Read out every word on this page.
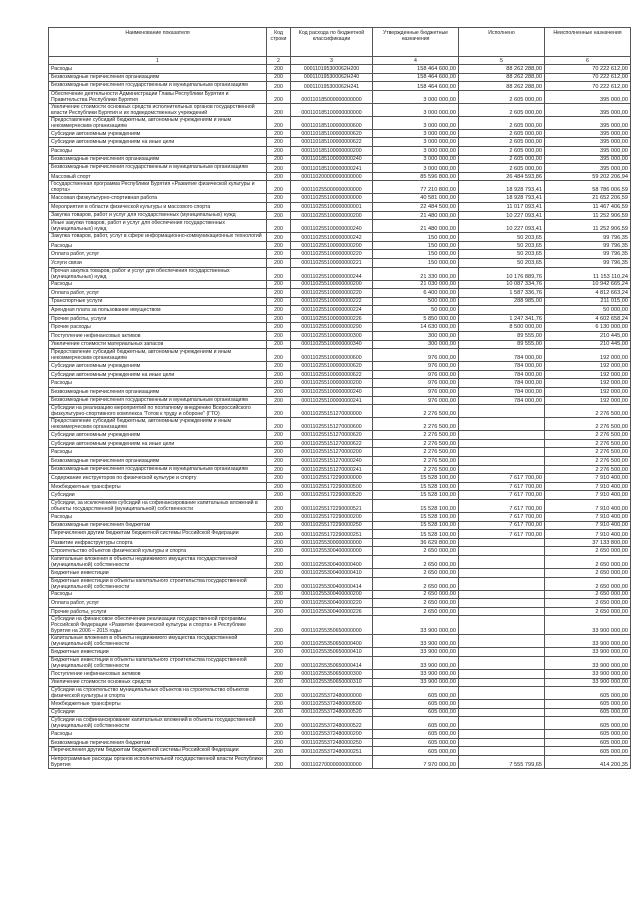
Наименование показателя	Код строки	Код расхода по бюджетной классификации	Утвержденные бюджетные назначения	Исполнено	Неисполненные назначения
1	2	3	4	5	6
Расходы	200	000110195300062H200	158 464 600,00	88 262 288,00	70 222 612,00
Безвозмездные перечисления организациям	200	000110195300062H240	158 464 600,00	88 262 288,00	70 222 612,00
Безвозмездные перечисления государственным и муниципальным организациям	200	000110195300062H241	158 464 600,00	88 262 288,00	70 222 612,00
Обеспечение деятельности Администрации Главы Республики Бурятия и Правительства Республики Бурятия	200	000110185000000000000	3 000 000,00	2 605 000,00	395 000,00
Увеличение стоимости основных средств исполнительных органов государственной власти Республики Бурятия и их подведомственных учреждений	200	000110185100000000000	3 000 000,00	2 605 000,00	395 000,00
Предоставление субсидий бюджетным, автономным учреждениям и иным некоммерческим организациям	200	000110185100000000600	3 000 000,00	2 605 000,00	395 000,00
Субсидии автономным учреждениям	200	000110185100000000620	3 000 000,00	2 605 000,00	395 000,00
Субсидии автономным учреждениям на иные цели	200	000110185100000000622	3 000 000,00	2 605 000,00	395 000,00
Расходы	200	000110185100000000200	3 000 000,00	2 605 000,00	395 000,00
Безвозмездные перечисления организациям	200	000110185100000000240	3 000 000,00	2 605 000,00	395 000,00
Безвозмездные перечисления государственным и муниципальным организациям	200	000110185100000000241	3 000 000,00	2 605 000,00	395 000,00
Массовый спорт	200	000110200000000000000	85 596 800,00	26 484 593,86	59 202 206,94
Государственная программа Республики Бурятия «Развитие физической культуры и спорта»	200	000110255000000000000	77 210 800,00	18 928 793,41	58 786 006,59
Массовая физкультурно-спортивная работа	200	000110255100000000000	40 581 000,00	18 928 793,41	21 652 206,59
Мероприятия в области физической культуры и массового спорта	200	000110255100000000001	22 484 500,00	11 017 093,41	11 467 406,59
Закупка товаров, работ и услуг для государственных (муниципальных) нужд	200	000110255100000000200	21 480 000,00	10 227 093,41	11 252 906,59
Иные закупки товаров, работ и услуг для обеспечения государственных (муниципальных) нужд	200	000110255100000000240	21 480 000,00	10 227 093,41	11 252 906,59
Закупка товаров, работ, услуг в сфере информационно-коммуникационных технологий	200	000110255100000000242	150 000,00	50 203,65	99 796,35
Расходы	200	000110255100000000200	150 000,00	50 203,65	99 796,35
Оплата работ, услуг	200	000110255100000000220	150 000,00	50 203,65	99 796,35
Услуги связи	200	000110255100000000221	150 000,00	50 203,65	99 796,35
Прочая закупка товаров, работ и услуг для обеспечения государственных (муниципальных) нужд	200	000110255100000000244	21 330 000,00	10 176 889,76	11 153 110,24
Расходы	200	000110255100000000200	21 030 000,00	10 087 334,76	10 942 665,24
Оплата работ, услуг	200	000110255100000000220	6 400 000,00	1 587 336,76	4 812 663,24
Транспортные услуги	200	000110255100000000222	500 000,00	288 985,00	211 015,00
Арендная плата за пользование имуществом	200	000110255100000000224	50 000,00		50 000,00
Прочие работы, услуги	200	000110255100000000226	5 850 000,00	1 247 341,76	4 602 658,24
Прочие расходы	200	000110255100000000290	14 630 000,00	8 500 000,00	6 130 000,00
Поступление нефинансовых активов	200	000110255100000000300	300 000,00	89 555,00	210 445,00
Увеличение стоимости материальных запасов	200	000110255100000000340	300 000,00	89 555,00	210 445,00
Предоставление субсидий бюджетным, автономным учреждениям и иным некоммерческим организациям	200	000110255100000000600	976 000,00	784 000,00	192 000,00
Субсидии автономным учреждениям	200	000110255100000000620	976 000,00	784 000,00	192 000,00
Субсидии автономным учреждениям на иные цели	200	000110255100000000622	976 000,00	784 000,00	192 000,00
Расходы	200	000110255100000000200	976 000,00	784 000,00	192 000,00
Безвозмездные перечисления организациям	200	000110255100000000240	976 000,00	784 000,00	192 000,00
Безвозмездные перечисления государственным и муниципальным организациям	200	000110255100000000241	976 000,00	784 000,00	192 000,00
Субсидии на реализацию мероприятий по поэтапному внедрению Всероссийского физкультурно-спортивного комплекса "Готов к труду и обороне" (ГТО)	200	000110255151270000000	2 276 500,00		2 276 500,00
Предоставление субсидий бюджетным, автономным учреждениям и иным некоммерческим организациям	200	000110255151270000600	2 276 500,00		2 276 500,00
Субсидии автономным учреждениям	200	000110255151270000620	2 276 500,00		2 276 500,00
Субсидии автономным учреждениям на иные цели	200	000110255151270000622	2 276 500,00		2 276 500,00
Расходы	200	000110255151270000200	2 276 500,00		2 276 500,00
Безвозмездные перечисления организациям	200	000110255151270000240	2 276 500,00		2 276 500,00
Безвозмездные перечисления государственным и муниципальным организациям	200	000110255151270000241	2 276 500,00		2 276 500,00
Содержание инструкторов по физической культуре и спорту	200	000110255172290000000	15 528 100,00	7 617 700,00	7 910 400,00
Межбюджетные трансферты	200	000110255172290000500	15 528 100,00	7 617 700,00	7 910 400,00
Субсидии	200	000110255172290000520	15 528 100,00	7 617 700,00	7 910 400,00
Субсидии, за исключением субсидий на софинансирование капитальных вложений в объекты государственной (муниципальной) собственности	200	000110255172290000521	15 528 100,00	7 617 700,00	7 910 400,00
Расходы	200	000110255172290000200	15 528 100,00	7 617 700,00	7 910 400,00
Безвозмездные перечисления бюджетам	200	000110255172290000250	15 528 100,00	7 617 700,00	7 910 400,00
Перечисления другим бюджетам бюджетной системы Российской Федерации	200	000110255172290000251	15 528 100,00	7 617 700,00	7 910 400,00
Развитие инфраструктуры спорта	200	000110255300000000000	36 629 800,00		37 133 800,00
Строительство объектов физической культуры и спорта	200	000110255300400000000	2 650 000,00		2 650 000,00
Капитальные вложения в объекты недвижимого имущества государственной (муниципальной) собственности	200	000110255300400000400	2 650 000,00		2 650 000,00
Бюджетные инвестиции	200	000110255300400000410	2 650 000,00		2 650 000,00
Бюджетные инвестиции в объекты капитального строительства государственной (муниципальной) собственности	200	000110255300400000414	2 650 000,00		2 650 000,00
Расходы	200	000110255300400000200	2 650 000,00		2 650 000,00
Оплата работ, услуг	200	000110255300400000220	2 650 000,00		2 650 000,00
Прочие работы, услуги	200	000110255300400000226	2 650 000,00		2 650 000,00
Субсидии на финансовое обеспечение реализации государственной программы Российской Федерации «Развитие физической культуры и спорта» в Республике Бурятия на 2006 – 2015 годы	200	000110255350650000000	33 900 000,00		33 900 000,00
Капитальные вложения в объекты недвижимого имущества государственной (муниципальной) собственности	200	000110255350650000400	33 900 000,00		33 900 000,00
Бюджетные инвестиции	200	000110255350650000410	33 900 000,00		33 900 000,00
Бюджетные инвестиции в объекты капитального строительства государственной (муниципальной) собственности	200	000110255350650000414	33 900 000,00		33 900 000,00
Поступление нефинансовых активов	200	000110255350650000300	33 900 000,00		33 900 000,00
Увеличение стоимости основных средств	200	000110255350650000310	33 900 000,00		33 900 000,00
Субсидии на строительство муниципальных объектов на строительство объектов физической культуры и спорта	200	000110255372480000000	605 000,00		605 000,00
Межбюджетные трансферты	200	000110255372480000500	605 000,00		605 000,00
Субсидии	200	000110255372480000520	605 000,00		605 000,00
Субсидии на софинансирование капитальных вложений в объекты государственной (муниципальной) собственности	200	000110255372480000522	605 000,00		605 000,00
Расходы	200	000110255372480000200	605 000,00		605 000,00
Безвозмездные перечисления бюджетам	200	000110255372480000250	605 000,00		605 000,00
Перечисления другим бюджетам бюджетной системы Российской Федерации	200	000110255372480000251	605 000,00		605 000,00
Непрограммные расходы органов исполнительной государственной власти Республики Бурятия	200	000110270000000000000	7 970 000,00	7 555 799,65	414 200,35
